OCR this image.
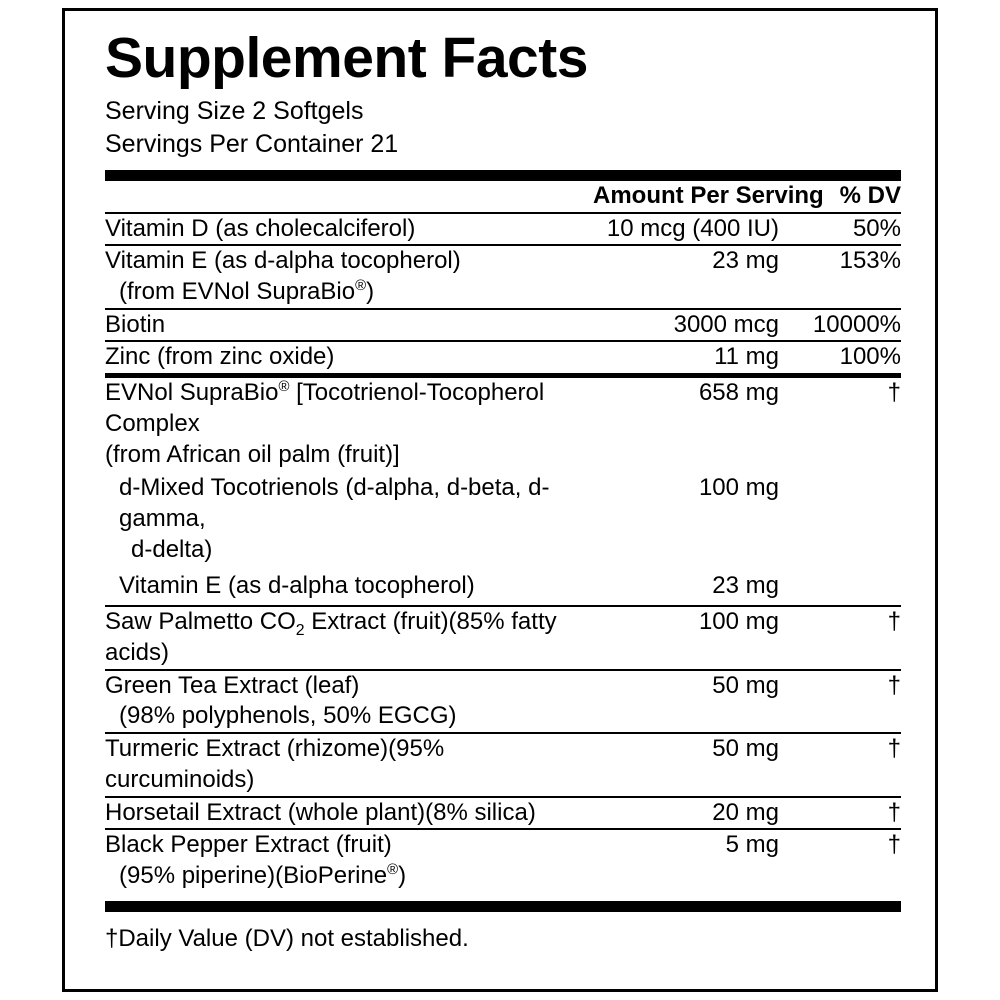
Supplement Facts
Serving Size 2 Softgels
Servings Per Container 21
	Amount Per Serving	% DV

Vitamin D (as cholecalciferol)	10 mcg (400 IU)	50%

Vitamin E (as d-alpha tocopherol)
(from EVNol SupraBio®)	23 mg	153%

Biotin	3000 mcg	10000%

Zinc (from zinc oxide)	11 mg	100%

EVNol SupraBio® [Tocotrienol-Tocopherol Complex
(from African oil palm (fruit)]	658 mg	†
d-Mixed Tocotrienols (d-alpha, d-beta, d-gamma,
d-delta)	100 mg	
Vitamin E (as d-alpha tocopherol)	23 mg	

Saw Palmetto $CO_2$ Extract (fruit)(85% fatty acids)	100 mg	†

Green Tea Extract (leaf)
(98% polyphenols, 50% EGCG)	50 mg	†

Turmeric Extract (rhizome)(95% curcuminoids)	50 mg	†

Horsetail Extract (whole plant)(8% silica)	20 mg	†

Black Pepper Extract (fruit)
(95% piperine)(BioPerine®)	5 mg	†
†Daily Value (DV) not established.
